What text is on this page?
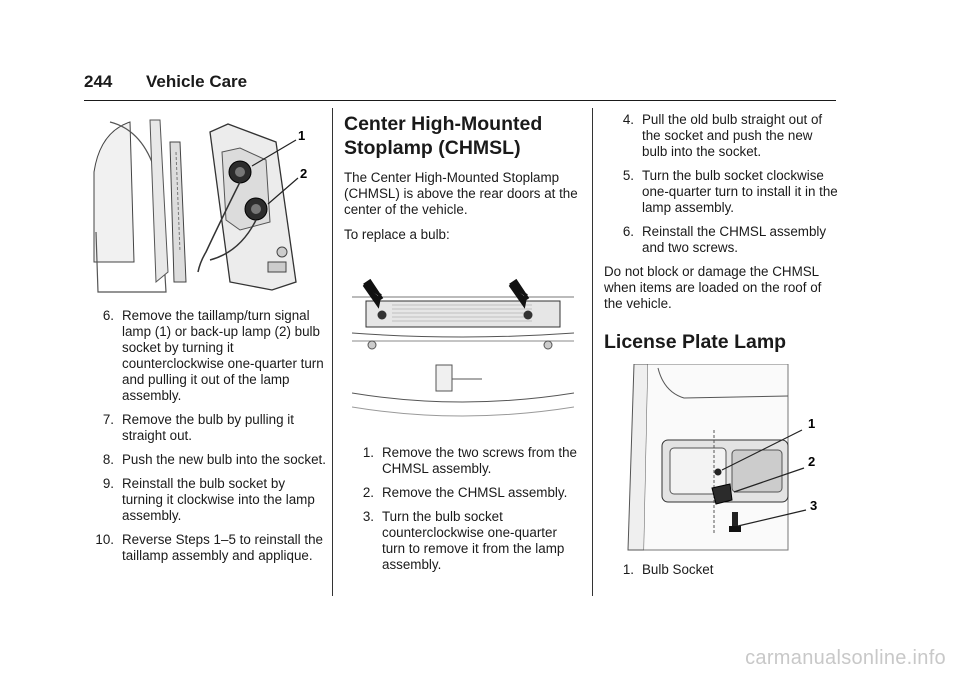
244 Vehicle Care
1
2
6. Remove the taillamp/turn signal lamp (1) or back-up lamp (2) bulb socket by turning it counterclockwise one-quarter turn and pulling it out of the lamp assembly.
7. Remove the bulb by pulling it straight out.
8. Push the new bulb into the socket.
9. Reinstall the bulb socket by turning it clockwise into the lamp assembly.
10. Reverse Steps 1–5 to reinstall the taillamp assembly and applique.
Center High-Mounted Stoplamp (CHMSL)

The Center High-Mounted Stoplamp (CHMSL) is above the rear doors at the center of the vehicle.

To replace a bulb:

1. Remove the two screws from the CHMSL assembly.
2. Remove the CHMSL assembly.
3. Turn the bulb socket counterclockwise one-quarter turn to remove it from the lamp assembly.
4. Pull the old bulb straight out of the socket and push the new bulb into the socket.
5. Turn the bulb socket clockwise one-quarter turn to install it in the lamp assembly.
6. Reinstall the CHMSL assembly and two screws.

Do not block or damage the CHMSL when items are loaded on the roof of the vehicle.

License Plate Lamp
1
2
3
1. Bulb Socket
carmanualsonline.info
